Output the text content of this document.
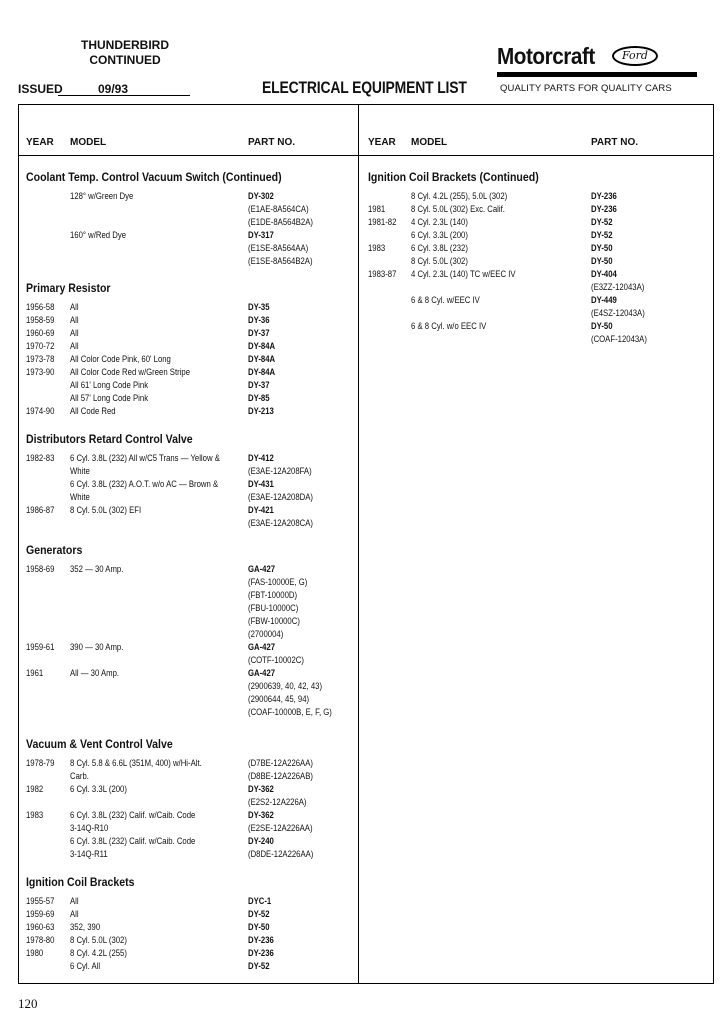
THUNDERBIRD
CONTINUED
ISSUED	09/93	ELECTRICAL EQUIPMENT LIST
Motorcraft	Ford
QUALITY PARTS FOR QUALITY CARS
YEAR MODEL	PART NO.	YEAR MODEL	PART NO.
Coolant Temp. Control Vacuum Switch (Continued)
128° w/Green Dye	DY-302
(E1AE-8A564CA)
(E1DE-8A564B2A)
160° w/Red Dye	DY-317
(E1SE-8A564AA)
(E1SE-8A564B2A)
Primary Resistor
1956-58 All	DY-35
1958-59 All	DY-36
1960-69 All	DY-37
1970-72 All	DY-84A
1973-78 All Color Code Pink, 60' Long	DY-84A
1973-90 All Color Code Red w/Green Stripe	DY-84A
All 61' Long Code Pink	DY-37
All 57' Long Code Pink	DY-85
1974-90 All Code Red	DY-213
Distributors Retard Control Valve
1982-83 6 Cyl. 3.8L (232) All w/C5 Trans — Yellow &	DY-412
White	(E3AE-12A208FA)
6 Cyl. 3.8L (232) A.O.T. w/o AC — Brown &	DY-431
White	(E3AE-12A208DA)
1986-87 8 Cyl. 5.0L (302) EFI	DY-421
(E3AE-12A208CA)
Generators
1958-69 352 — 30 Amp.	GA-427
(FAS-10000E, G)
(FBT-10000D)
(FBU-10000C)
(FBW-10000C)
(2700004)
1959-61 390 — 30 Amp.	GA-427
(COTF-10002C)
1961	All — 30 Amp.	GA-427
(2900639, 40, 42, 43)
(2900644, 45, 94)
(COAF-10000B, E, F, G)
Vacuum & Vent Control Valve
1978-79 8 Cyl. 5.8 & 6.6L (351M, 400) w/Hi-Alt.	(D7BE-12A226AA)
Carb.	(D8BE-12A226AB)
1982	6 Cyl. 3.3L (200)	DY-362
(E2S2-12A226A)
1983	6 Cyl. 3.8L (232) Calif. w/Caib. Code	DY-362
3-14Q-R10	(E2SE-12A226AA)
6 Cyl. 3.8L (232) Calif. w/Caib. Code	DY-240
3-14Q-R11	(D8DE-12A226AA)
Ignition Coil Brackets
1955-57 All	DYC-1
1959-69 All	DY-52
1960-63 352, 390	DY-50
1978-80 8 Cyl. 5.0L (302)	DY-236
1980	8 Cyl. 4.2L (255)	DY-236
6 Cyl. All	DY-52
Ignition Coil Brackets (Continued)
8 Cyl. 4.2L (255), 5.0L (302)	DY-236
1981	8 Cyl. 5.0L (302) Exc. Calif.	DY-236
1981-82 4 Cyl. 2.3L (140)	DY-52
6 Cyl. 3.3L (200)	DY-52
1983	6 Cyl. 3.8L (232)	DY-50
8 Cyl. 5.0L (302)	DY-50
1983-87 4 Cyl. 2.3L (140) TC w/EEC IV	DY-404
(E3ZZ-12043A)
6 & 8 Cyl. w/EEC IV	DY-449
(E4SZ-12043A)
6 & 8 Cyl. w/o EEC IV	DY-50
(COAF-12043A)
120
